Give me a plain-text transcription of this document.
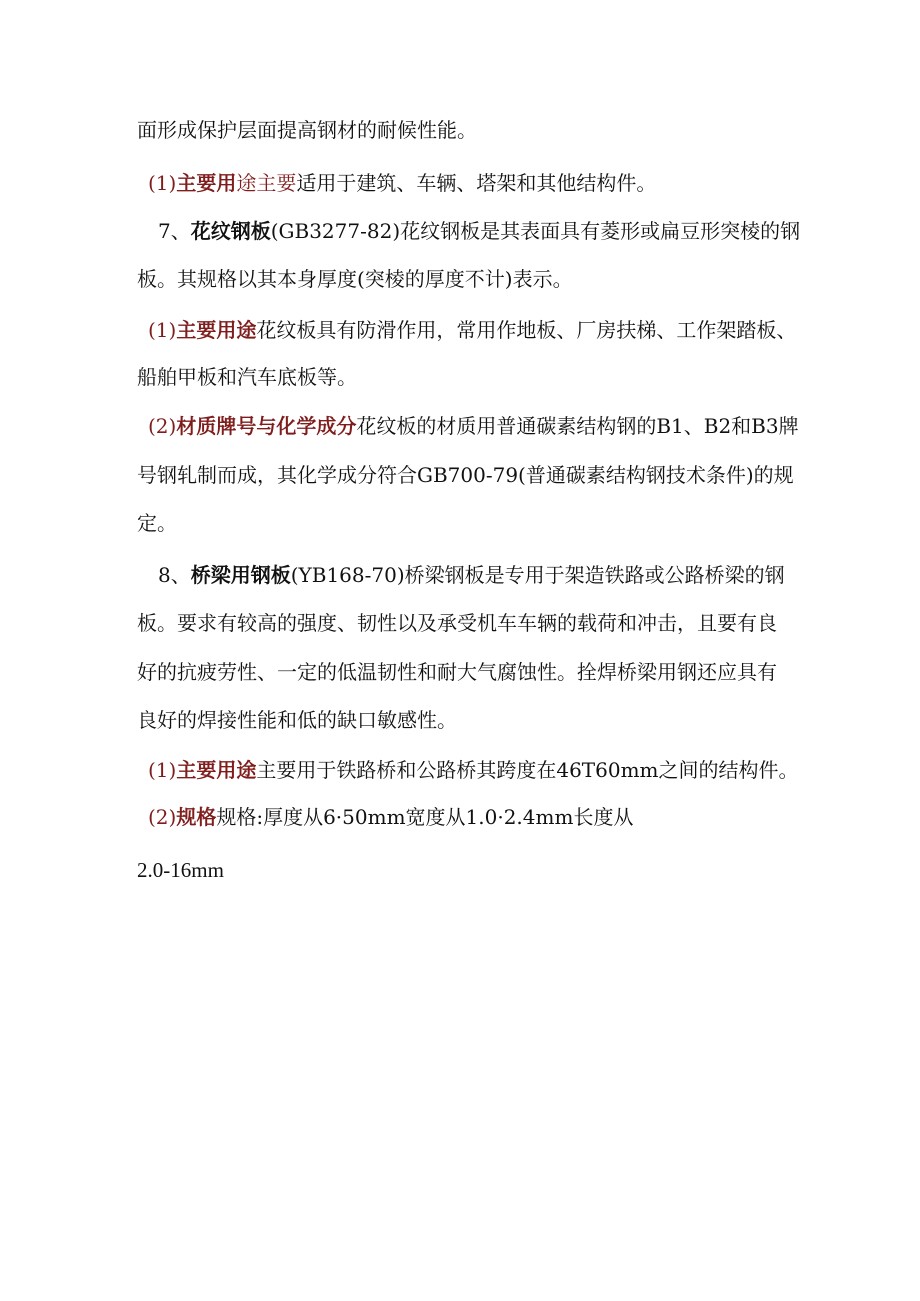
面形成保护层面提高钢材的耐候性能。
(1)主要用途主要适用于建筑、车辆、塔架和其他结构件。
7、花纹钢板(GB3277-82)花纹钢板是其表面具有菱形或扁豆形突棱的钢
板。其规格以其本身厚度(突棱的厚度不计)表示。
(1)主要用途花纹板具有防滑作用，常用作地板、厂房扶梯、工作架踏板、
船舶甲板和汽车底板等。
(2)材质牌号与化学成分花纹板的材质用普通碳素结构钢的B1、B2和B3牌
号钢轧制而成，其化学成分符合GB700-79(普通碳素结构钢技术条件)的规
定。
8、桥梁用钢板(YB168-70)桥梁钢板是专用于架造铁路或公路桥梁的钢
板。要求有较高的强度、韧性以及承受机车车辆的载荷和冲击，且要有良
好的抗疲劳性、一定的低温韧性和耐大气腐蚀性。拴焊桥梁用钢还应具有
良好的焊接性能和低的缺口敏感性。
(1)主要用途主要用于铁路桥和公路桥其跨度在46T60mm之间的结构件。
(2)规格规格:厚度从6·50mm宽度从1.0·2.4mm长度从
2.0-16mm
